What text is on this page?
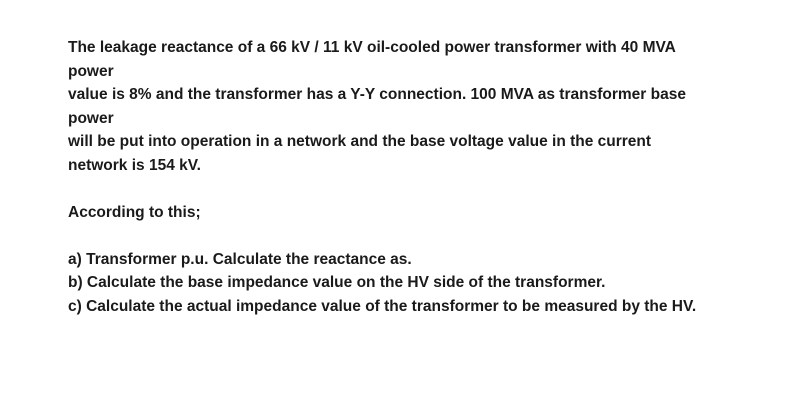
The leakage reactance of a 66 kV / 11 kV oil-cooled power transformer with 40 MVA
power
value is 8% and the transformer has a Y-Y connection. 100 MVA as transformer base
power
will be put into operation in a network and the base voltage value in the current
network is 154 kV.
According to this;
a) Transformer p.u. Calculate the reactance as.
b) Calculate the base impedance value on the HV side of the transformer.
c) Calculate the actual impedance value of the transformer to be measured by the HV.
